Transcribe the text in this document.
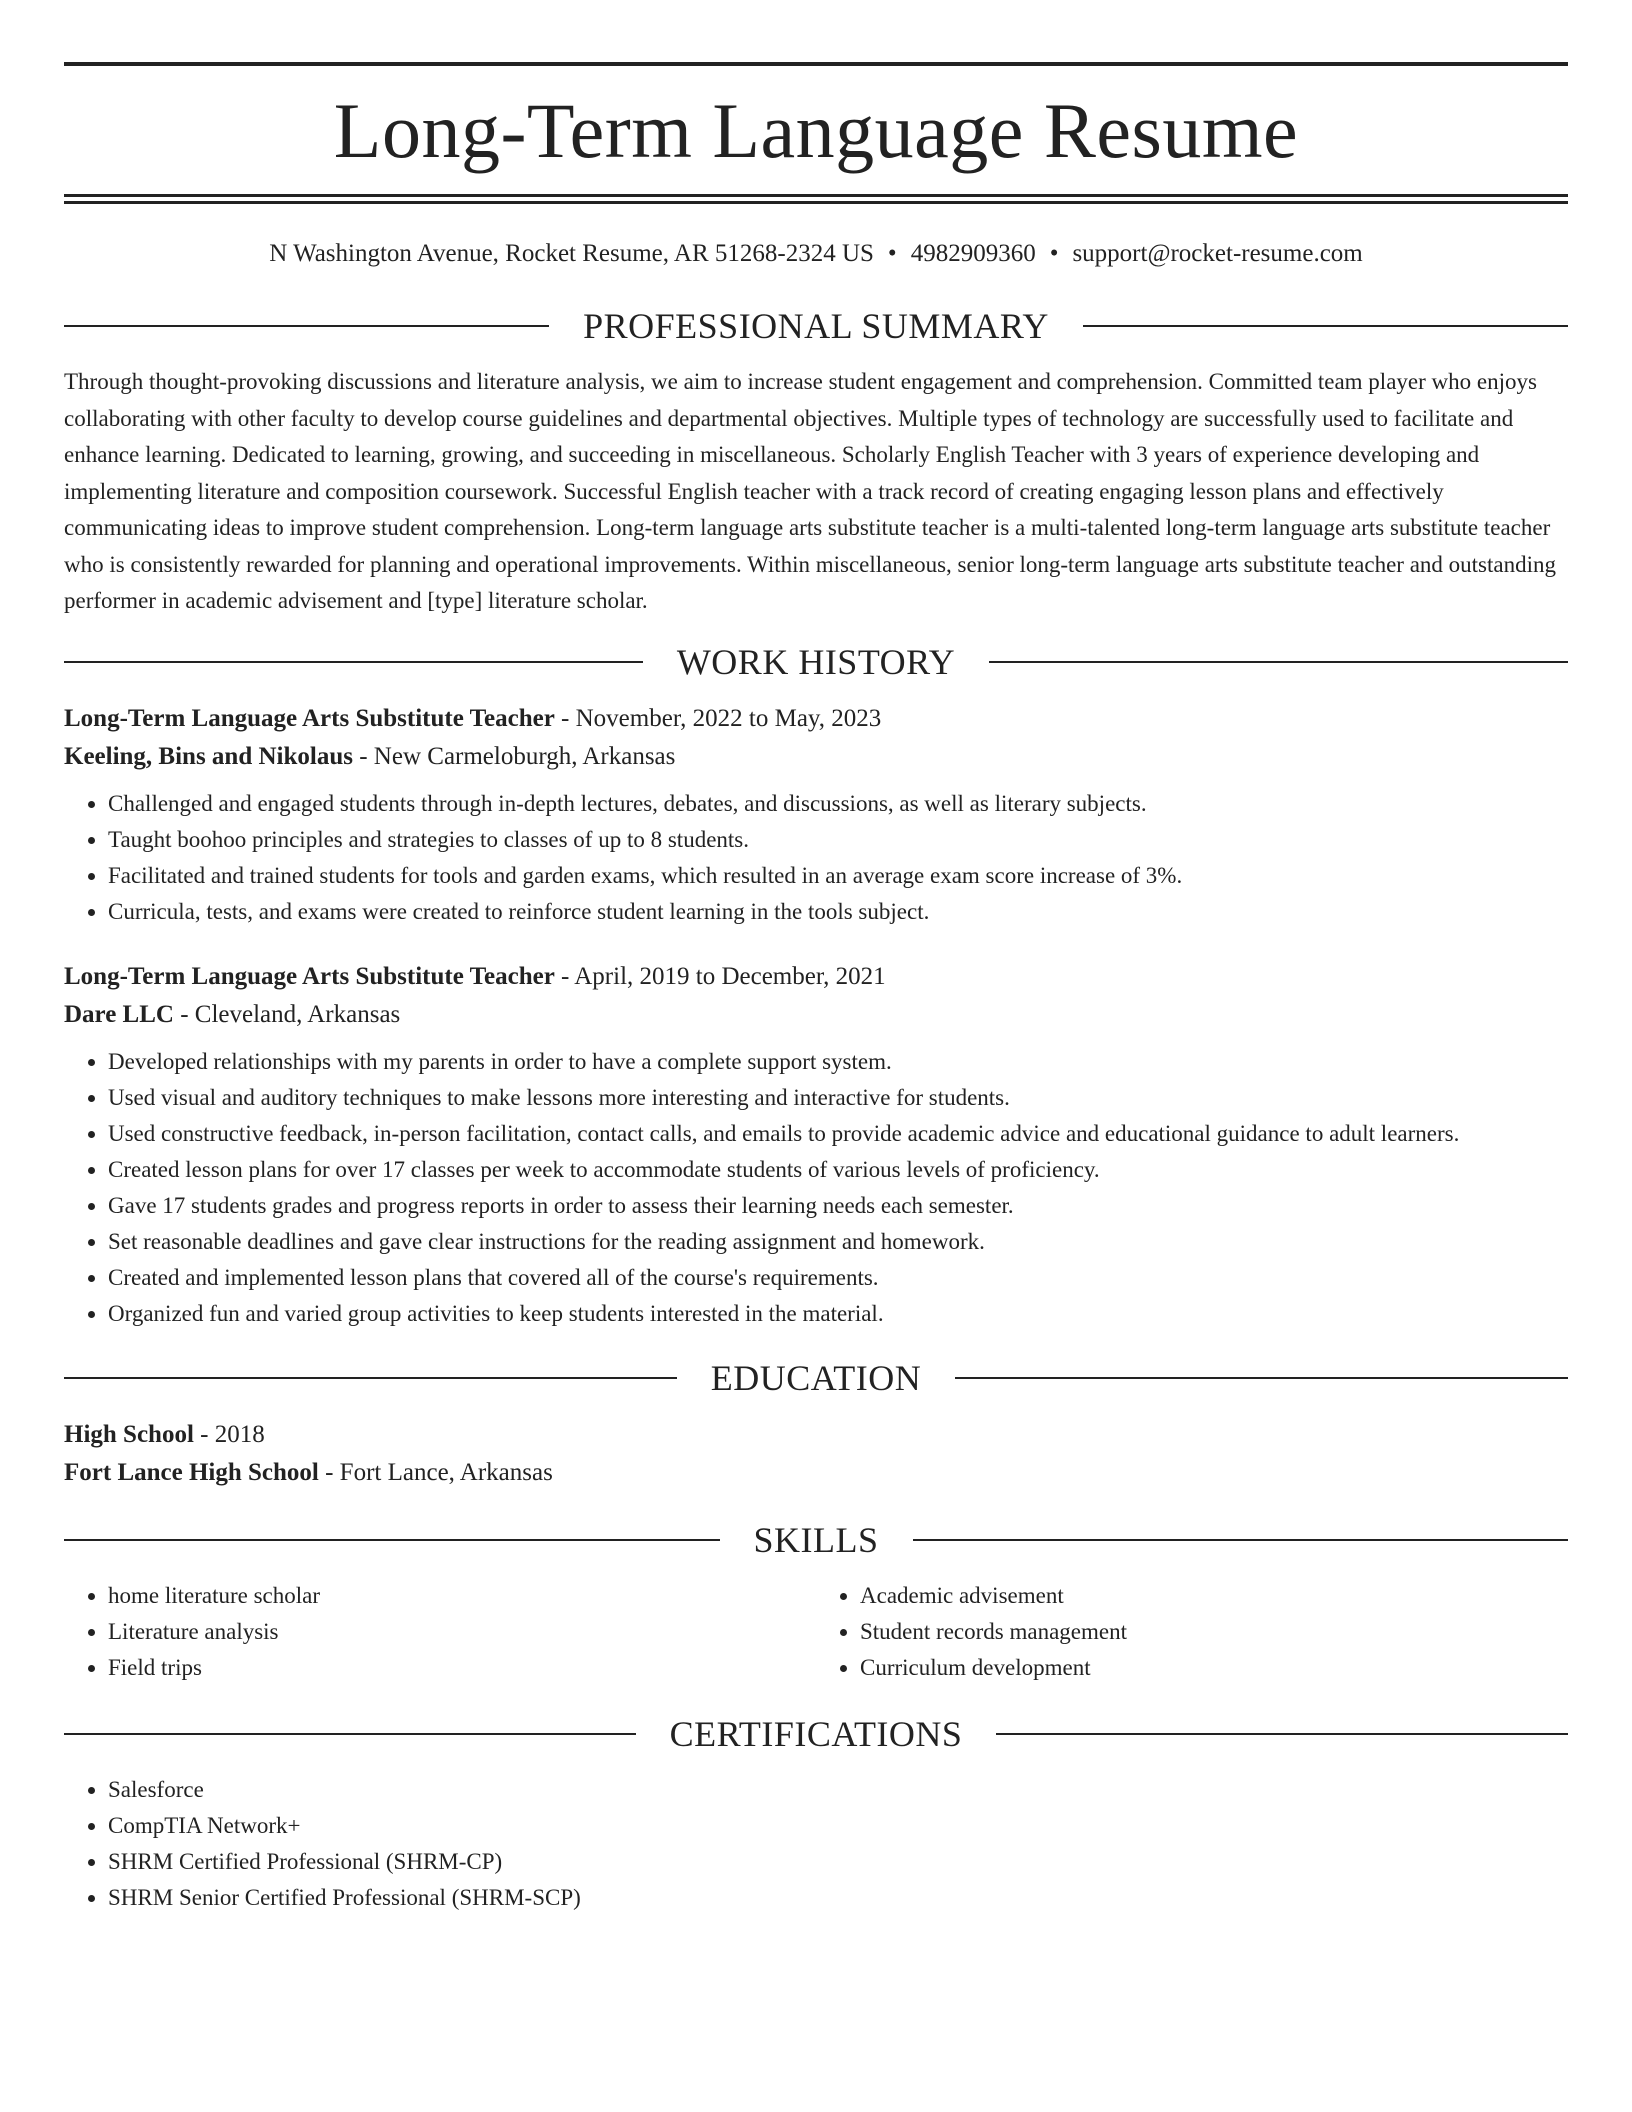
Long-Term Language Resume
N Washington Avenue, Rocket Resume, AR 51268-2324 US • 4982909360 • support@rocket-resume.com
PROFESSIONAL SUMMARY

Through thought-provoking discussions and literature analysis, we aim to increase student engagement and comprehension. Committed team player who enjoys collaborating with other faculty to develop course guidelines and departmental objectives. Multiple types of technology are successfully used to facilitate and enhance learning. Dedicated to learning, growing, and succeeding in miscellaneous. Scholarly English Teacher with 3 years of experience developing and implementing literature and composition coursework. Successful English teacher with a track record of creating engaging lesson plans and effectively communicating ideas to improve student comprehension. Long-term language arts substitute teacher is a multi-talented long-term language arts substitute teacher who is consistently rewarded for planning and operational improvements. Within miscellaneous, senior long-term language arts substitute teacher and outstanding performer in academic advisement and [type] literature scholar.

WORK HISTORY
Long-Term Language Arts Substitute Teacher - November, 2022 to May, 2023
Keeling, Bins and Nikolaus - New Carmeloburgh, Arkansas
• Challenged and engaged students through in-depth lectures, debates, and discussions, as well as literary subjects.
• Taught boohoo principles and strategies to classes of up to 8 students.
• Facilitated and trained students for tools and garden exams, which resulted in an average exam score increase of 3%.
• Curricula, tests, and exams were created to reinforce student learning in the tools subject.
Long-Term Language Arts Substitute Teacher - April, 2019 to December, 2021
Dare LLC - Cleveland, Arkansas
• Developed relationships with my parents in order to have a complete support system.
• Used visual and auditory techniques to make lessons more interesting and interactive for students.
• Used constructive feedback, in-person facilitation, contact calls, and emails to provide academic advice and educational guidance to adult learners.
• Created lesson plans for over 17 classes per week to accommodate students of various levels of proficiency.
• Gave 17 students grades and progress reports in order to assess their learning needs each semester.
• Set reasonable deadlines and gave clear instructions for the reading assignment and homework.
• Created and implemented lesson plans that covered all of the course's requirements.
• Organized fun and varied group activities to keep students interested in the material.
EDUCATION
High School - 2018
Fort Lance High School - Fort Lance, Arkansas
SKILLS
• home literature scholar
• Literature analysis
• Field trips
• Academic advisement
• Student records management
• Curriculum development
CERTIFICATIONS
• Salesforce
• CompTIA Network+
• SHRM Certified Professional (SHRM-CP)
• SHRM Senior Certified Professional (SHRM-SCP)
